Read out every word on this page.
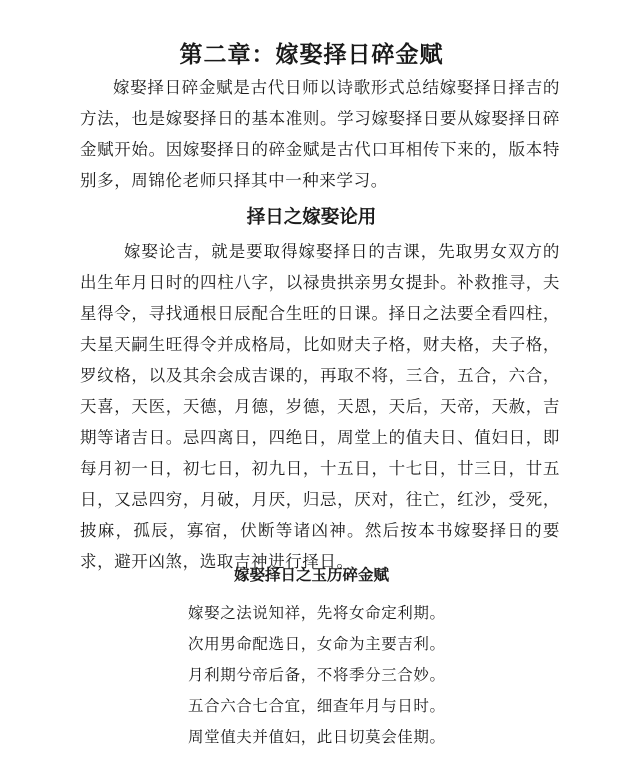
第二章：嫁娶择日碎金赋

嫁娶择日碎金赋是古代日师以诗歌形式总结嫁娶择日择吉的方法，也是嫁娶择日的基本准则。学习嫁娶择日要从嫁娶择日碎金赋开始。因嫁娶择日的碎金赋是古代口耳相传下来的，版本特别多，周锦伦老师只择其中一种来学习。

择日之嫁娶论用

嫁娶论吉，就是要取得嫁娶择日的吉课，先取男女双方的出生年月日时的四柱八字，以禄贵拱亲男女提卦。补救推寻，夫星得令，寻找通根日辰配合生旺的日课。择日之法要全看四柱，夫星天嗣生旺得令并成格局，比如财夫子格，财夫格，夫子格，罗纹格，以及其余会成吉课的，再取不将，三合，五合，六合，天喜，天医，天德，月德，岁德，天恩，天后，天帝，天赦，吉期等诸吉日。忌四离日，四绝日，周堂上的值夫日、值妇日，即每月初一日，初七日，初九日，十五日，十七日，廿三日，廿五日，又忌四穷，月破，月厌，归忌，厌对，往亡，红沙，受死，披麻，孤辰，寡宿，伏断等诸凶神。然后按本书嫁娶择日的要求，避开凶煞，选取吉神进行择日。

嫁娶择日之玉历碎金赋
嫁娶之法说知祥，先将女命定利期。
次用男命配选日，女命为主要吉利。
月利期兮帝后备，不将季分三合妙。
五合六合七合宜，细查年月与日时。
周堂值夫并值妇，此日切莫会佳期。
